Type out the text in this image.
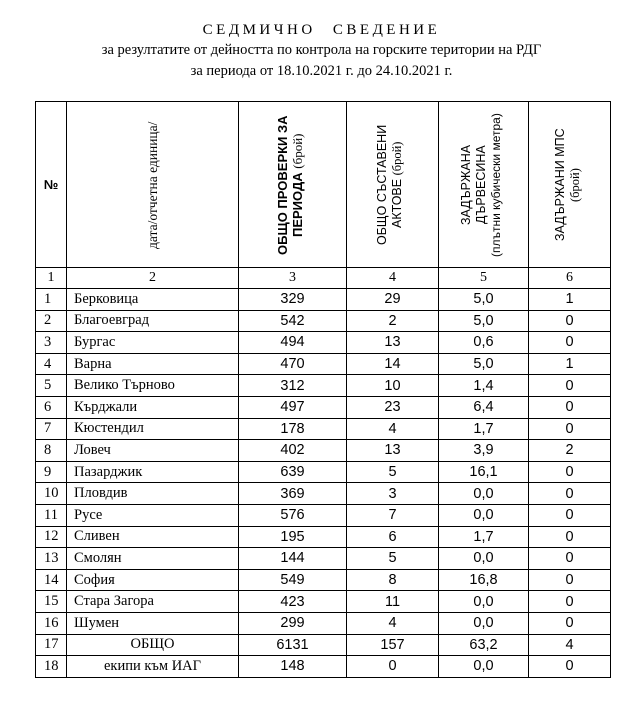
СЕДМИЧНО СВЕДЕНИЕ
за резултатите от дейността по контрола на горските територии на РДГ
за периода от 18.10.2021 г. до 24.10.2021 г.
№	дата/отчетна единица/	ОБЩО ПРОВЕРКИ ЗА ПЕРИОДА (брой)	ОБЩО СЪСТАВЕНИ АКТОВЕ (брой)	ЗАДЪРЖАНА ДЪРВЕСИНА (плътни кубически метра)	ЗАДЪРЖАНИ МПС (брой)

1	2	3	4	5	6
1	Берковица	329	29	5,0	1
2	Благоевград	542	2	5,0	0
3	Бургас	494	13	0,6	0
4	Варна	470	14	5,0	1
5	Велико Търново	312	10	1,4	0
6	Кърджали	497	23	6,4	0
7	Кюстендил	178	4	1,7	0
8	Ловеч	402	13	3,9	2
9	Пазарджик	639	5	16,1	0
10	Пловдив	369	3	0,0	0
11	Русе	576	7	0,0	0
12	Сливен	195	6	1,7	0
13	Смолян	144	5	0,0	0
14	София	549	8	16,8	0
15	Стара Загора	423	11	0,0	0
16	Шумен	299	4	0,0	0
17	ОБЩО	6131	157	63,2	4
18	екипи към ИАГ	148	0	0,0	0
